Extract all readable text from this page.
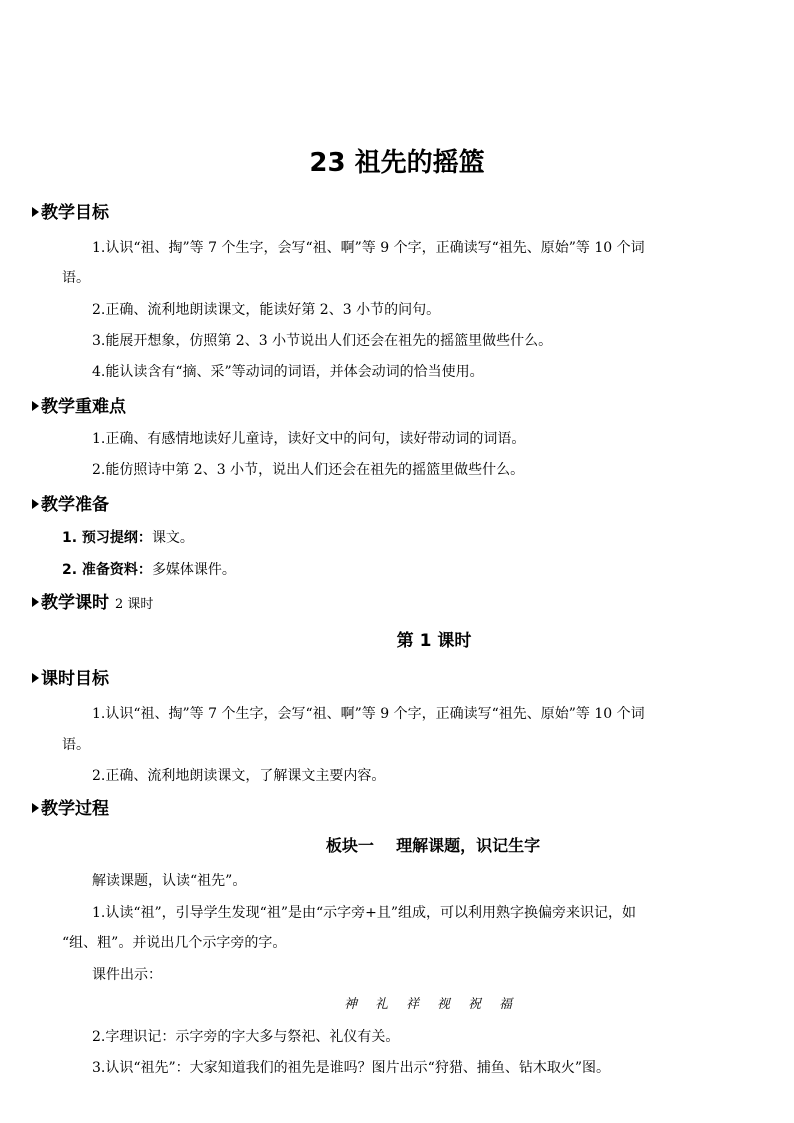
23 祖先的摇篮
教学目标
1.认识“祖、掏”等 7 个生字，会写“祖、啊”等 9 个字，正确读写“祖先、原始”等 10 个词
语。
2.正确、流利地朗读课文，能读好第 2、3 小节的问句。
3.能展开想象，仿照第 2、3 小节说出人们还会在祖先的摇篮里做些什么。
4.能认读含有“摘、采”等动词的词语，并体会动词的恰当使用。
教学重难点
1.正确、有感情地读好儿童诗，读好文中的问句，读好带动词的词语。
2.能仿照诗中第 2、3 小节，说出人们还会在祖先的摇篮里做些什么。
教学准备
1. 预习提纲：课文。
2. 准备资料：多媒体课件。
教学课时 2 课时
第 1 课时
课时目标
1.认识“祖、掏”等 7 个生字，会写“祖、啊”等 9 个字，正确读写“祖先、原始”等 10 个词
语。
2.正确、流利地朗读课文，了解课文主要内容。
教学过程
板块一    理解课题，识记生字
解读课题，认读“祖先”。
1.认读“祖”，引导学生发现“祖”是由“示字旁+且”组成，可以利用熟字换偏旁来识记，如
“组、粗”。并说出几个示字旁的字。
课件出示：
神 礼 祥 视 祝 福
2.字理识记：示字旁的字大多与祭祀、礼仪有关。
3.认识“祖先”：大家知道我们的祖先是谁吗？图片出示“狩猎、捕鱼、钻木取火”图。
